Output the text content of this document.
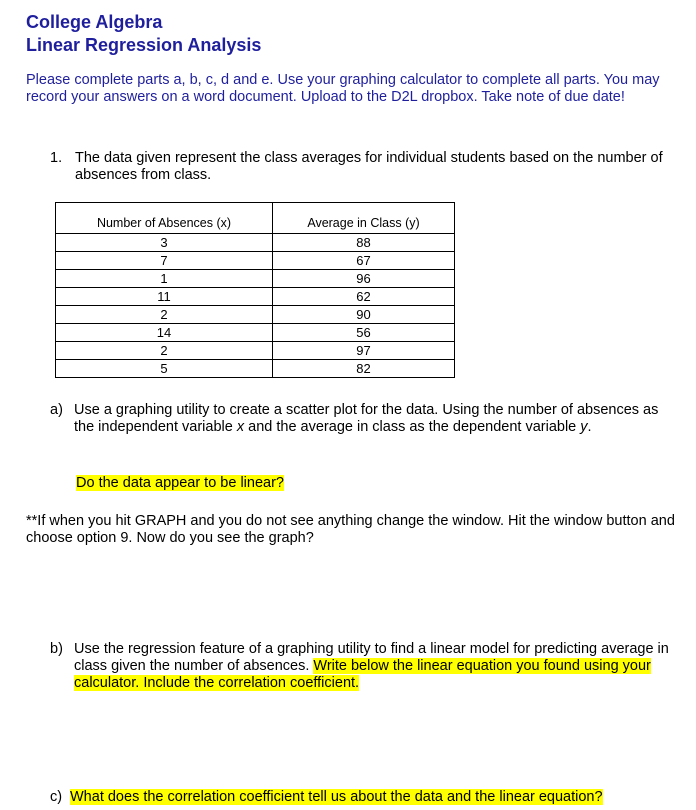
College Algebra
Linear Regression Analysis
Please complete parts a, b, c, d and e. Use your graphing calculator to complete all parts. You may record your answers on a word document. Upload to the D2L dropbox. Take note of due date!
1. The data given represent the class averages for individual students based on the number of absences from class.
Number of Absences (x)	Average in Class (y)
3	88
7	67
1	96
11	62
2	90
14	56
2	97
5	82
a) Use a graphing utility to create a scatter plot for the data. Using the number of absences as the independent variable x and the average in class as the dependent variable y.
Do the data appear to be linear?
**If when you hit GRAPH and you do not see anything change the window. Hit the window button and choose option 9. Now do you see the graph?
b) Use the regression feature of a graphing utility to find a linear model for predicting average in class given the number of absences. Write below the linear equation you found using your calculator. Include the correlation coefficient.
c) What does the correlation coefficient tell us about the data and the linear equation?
